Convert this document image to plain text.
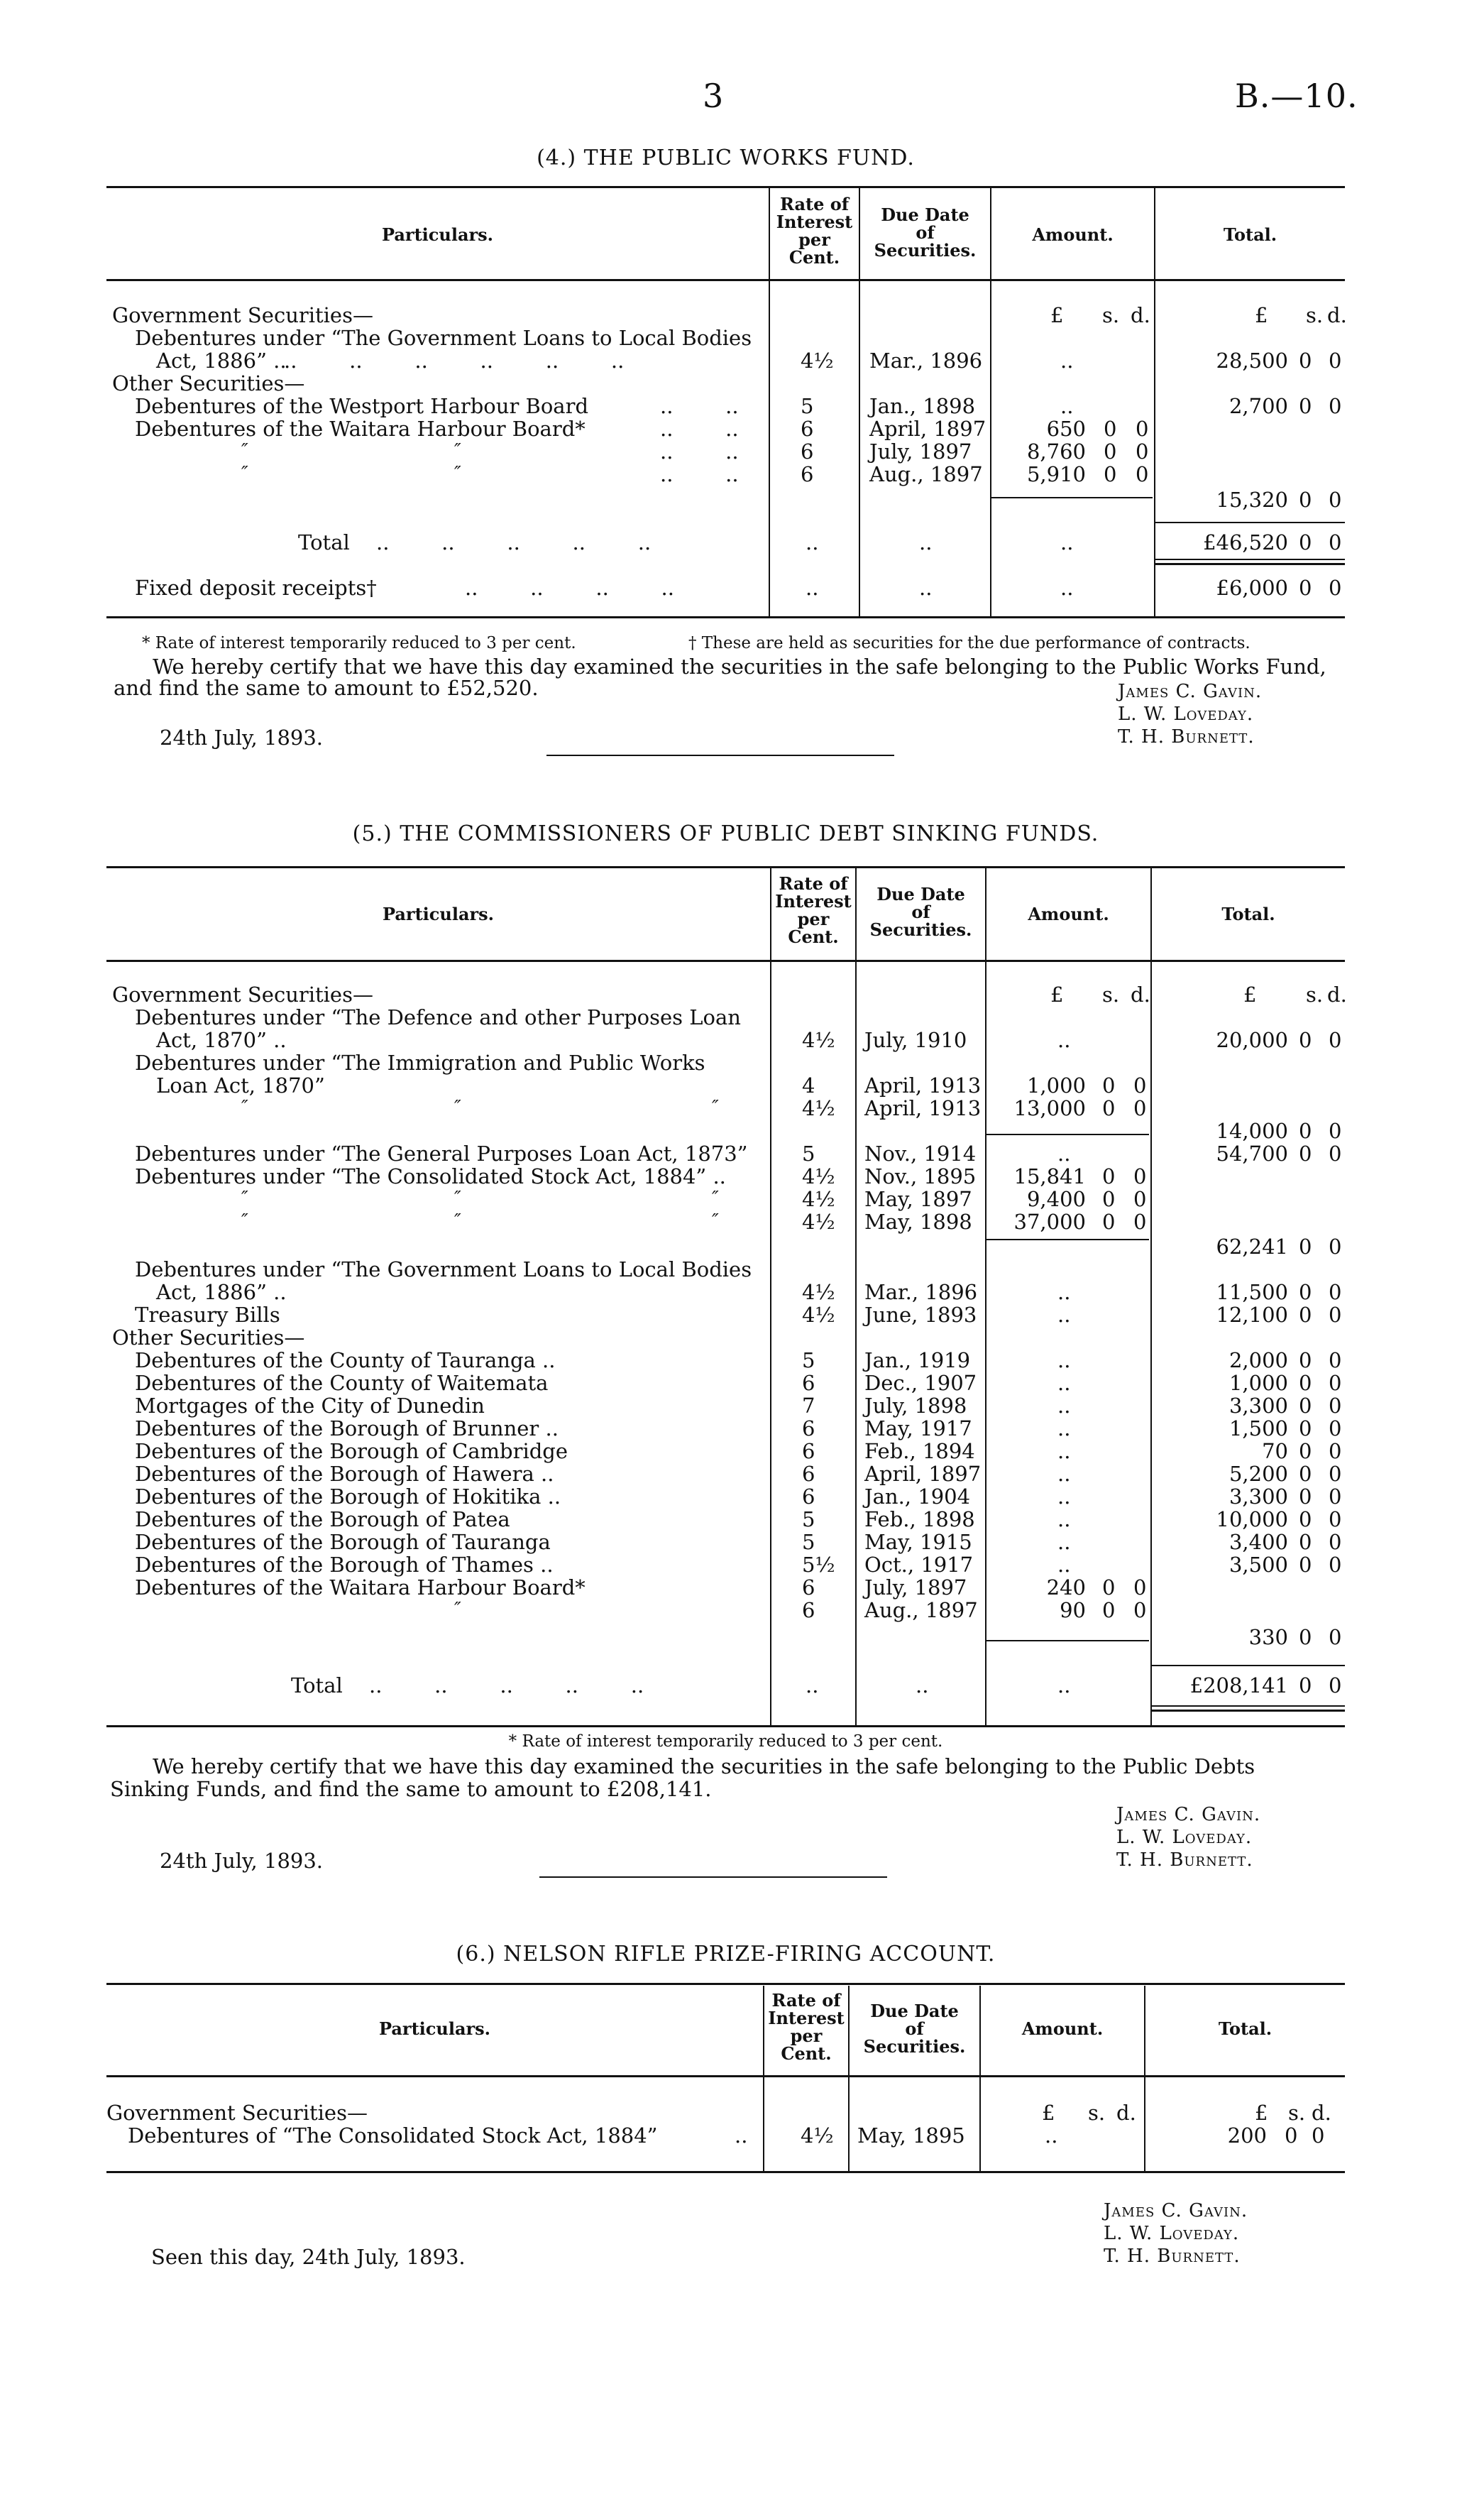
3	B.—10.
(4.) THE PUBLIC WORKS FUND.
Particulars.
Rate of
Interest
per
Cent.
Due Date
of
Securities.
Amount.	Total.
£ s. d.	£ s. d.
Government Securities—
Debentures under “The Government Loans to Local Bodies
Act, 1886” ..
..        ..        ..        ..        ..        ..	4½ Mar., 1896	..	28,500 0 0
Other Securities—
Debentures of the Westport Harbour Board	..        ..	5	Jan., 1898	..	2,700 0 0
Debentures of the Waitara Harbour Board*	..        ..	6	April, 1897	650 0 0
″	″	..        ..	6	July, 1897	8,760 0 0
″	″	..        ..	6	Aug., 1897	5,910 0 0
15,320 0 0
Total ..        ..        ..        ..        ..	..	..	..	£46,520 0 0
Fixed deposit receipts†	..        ..        ..        ..	..	..	..	£6,000 0 0
* Rate of interest temporarily reduced to 3 per cent.	† These are held as securities for the due performance of contracts.
We hereby certify that we have this day examined the securities in the safe belonging to the Public Works Fund,
and find the same to amount to £52,520.	James C. Gavin.
L. W. Loveday.
T. H. Burnett.
24th July, 1893.
(5.) THE COMMISSIONERS OF PUBLIC DEBT SINKING FUNDS.
Particulars.
Rate of
Interest
per
Cent.
Due Date
of
Securities.
Amount.	Total.
£ s. d.	£ s. d.
Government Securities—
Debentures under “The Defence and other Purposes Loan
Act, 1870” ..	4½ July, 1910	..	20,000 0 0
Debentures under “The Immigration and Public Works
Loan Act, 1870”	4 April, 1913	1,000 0 0
″	″	″	4½ April, 1913	13,000 0 0
14,000 0 0
Debentures under “The General Purposes Loan Act, 1873”	5 Nov., 1914	..	54,700 0 0
Debentures under “The Consolidated Stock Act, 1884” ..	4½ Nov., 1895	15,841 0 0
″	″	″	4½ May, 1897	9,400 0 0
″	″	″	4½ May, 1898	37,000 0 0
62,241 0 0
Debentures under “The Government Loans to Local Bodies
Act, 1886” ..	4½ Mar., 1896	..	11,500 0 0
Treasury Bills	4½ June, 1893	..	12,100 0 0
Other Securities—
Debentures of the County of Tauranga ..	5 Jan., 1919	..	2,000 0 0
Debentures of the County of Waitemata	6 Dec., 1907	..	1,000 0 0
Mortgages of the City of Dunedin	7 July, 1898	..	3,300 0 0
Debentures of the Borough of Brunner ..	6 May, 1917	..	1,500 0 0
Debentures of the Borough of Cambridge	6 Feb., 1894	..	70 0 0
Debentures of the Borough of Hawera ..	6 April, 1897	..	5,200 0 0
Debentures of the Borough of Hokitika ..	6 Jan., 1904	..	3,300 0 0
Debentures of the Borough of Patea	5 Feb., 1898	..	10,000 0 0
Debentures of the Borough of Tauranga	5 May, 1915	..	3,400 0 0
Debentures of the Borough of Thames ..	5½ Oct., 1917	..	3,500 0 0
Debentures of the Waitara Harbour Board*	6 July, 1897	240 0 0
″	6 Aug., 1897	90 0 0
330 0 0
Total ..        ..        ..        ..        ..	..	..	..	£208,141 0 0
* Rate of interest temporarily reduced to 3 per cent.
We hereby certify that we have this day examined the securities in the safe belonging to the Public Debts
Sinking Funds, and find the same to amount to £208,141.
James C. Gavin.
L. W. Loveday.
T. H. Burnett.
24th July, 1893.
(6.) NELSON RIFLE PRIZE-FIRING ACCOUNT.
Particulars.
Rate of
Interest
per
Cent.
Due Date
of
Securities.
Amount.	Total.
£ s. d.	£ s. d.
Government Securities—
Debentures of “The Consolidated Stock Act, 1884”	..	4½ May, 1895	..	200 0 0
James C. Gavin.
L. W. Loveday.
T. H. Burnett.
Seen this day, 24th July, 1893.
